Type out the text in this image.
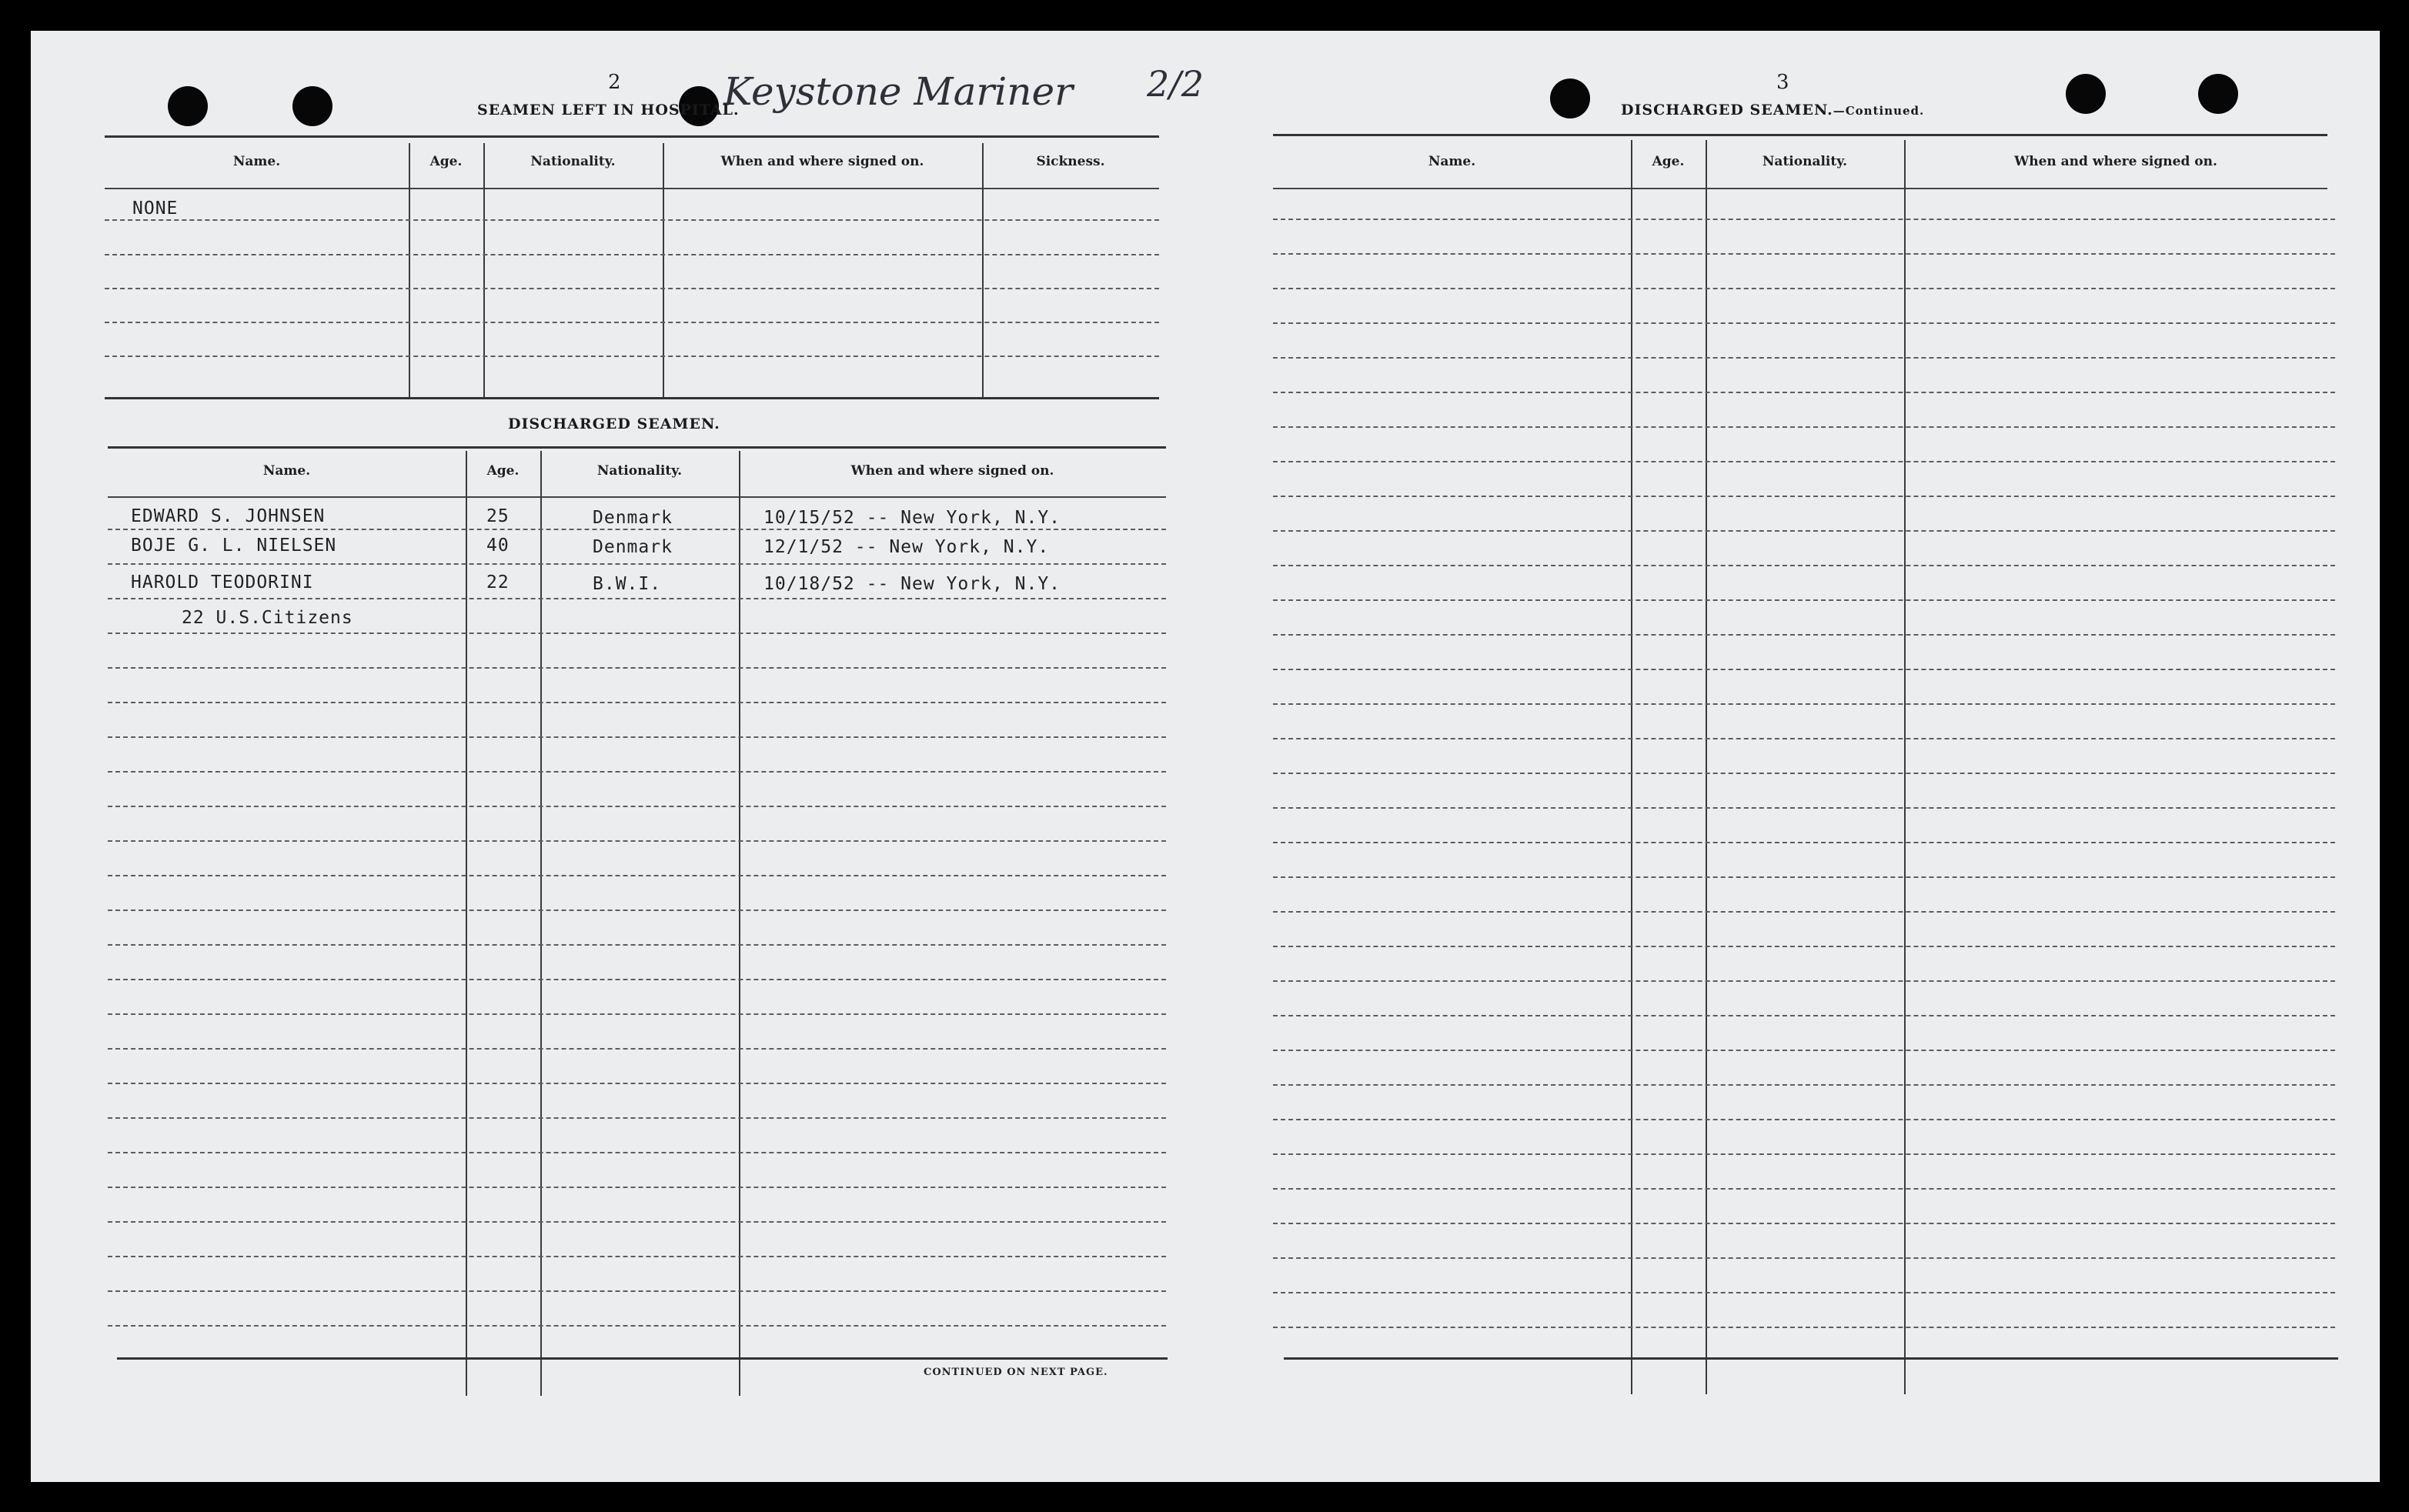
Keystone Mariner 2/2
2
SEAMEN LEFT IN HOSPITAL.
Name.	Age.	Nationality.	When and where signed on.	Sickness.
NONE
DISCHARGED SEAMEN.
Name.	Age.	Nationality.	When and where signed on.
EDWARD S. JOHNSEN	25	Denmark	10/15/52 -- New York, N.Y.
BOJE G. L. NIELSEN	40	Denmark	12/1/52 -- New York, N.Y.
HAROLD TEODORINI	22	B.W.I.	10/18/52 -- New York, N.Y.
22 U.S.Citizens
CONTINUED ON NEXT PAGE.
3
DISCHARGED SEAMEN.—Continued.
Name.	Age.	Nationality.	When and where signed on.
